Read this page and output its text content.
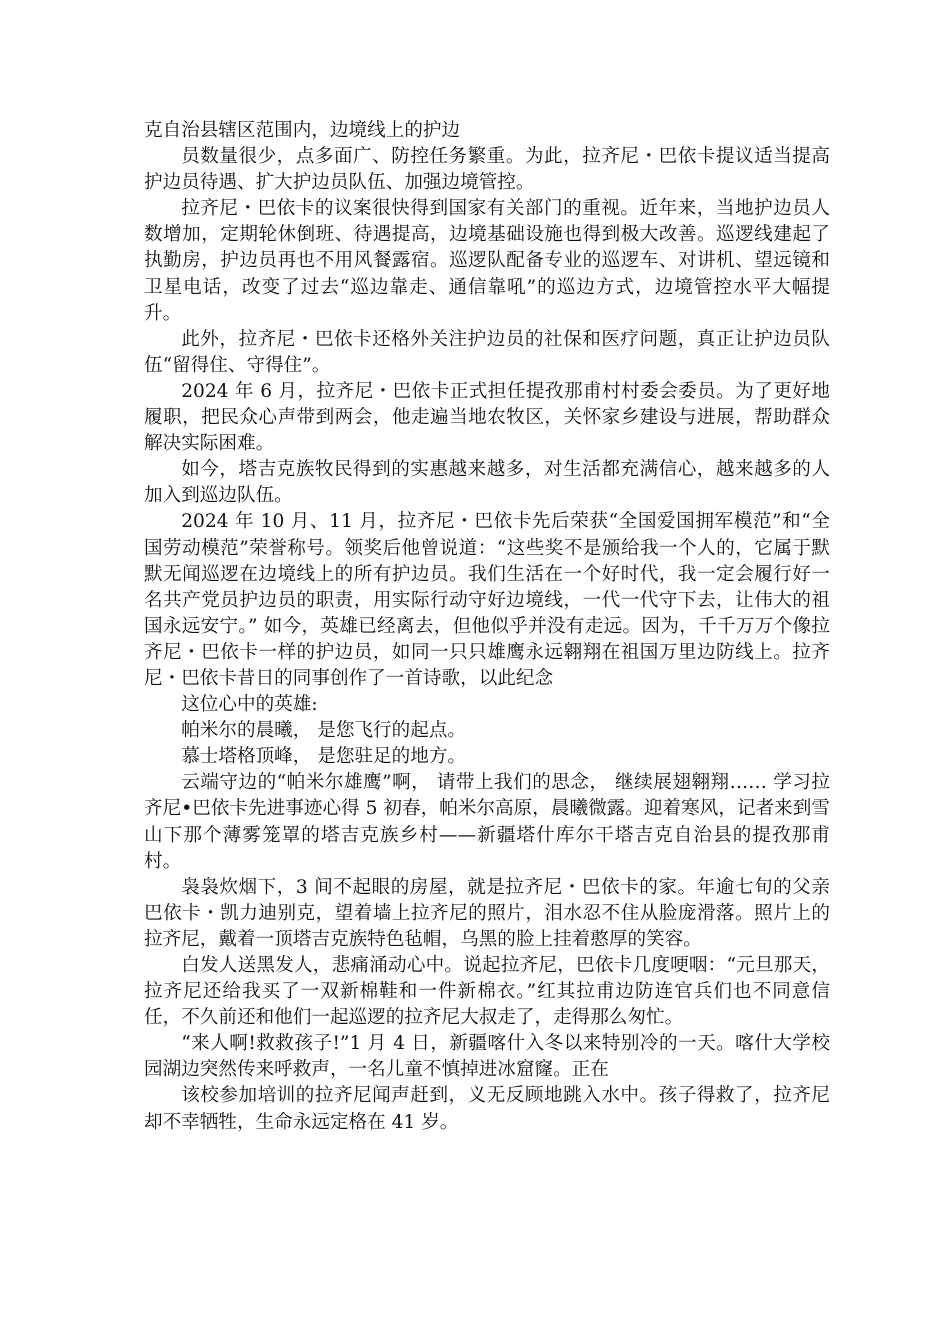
克自治县辖区范围内，边境线上的护边

员数量很少，点多面广、防控任务繁重。为此，拉齐尼・巴依卡提议适当提高护边员待遇、扩大护边员队伍、加强边境管控。

拉齐尼・巴依卡的议案很快得到国家有关部门的重视。近年来，当地护边员人数增加，定期轮休倒班、待遇提高，边境基础设施也得到极大改善。巡逻线建起了执勤房，护边员再也不用风餐露宿。巡逻队配备专业的巡逻车、对讲机、望远镜和卫星电话，改变了过去“巡边靠走、通信靠吼”的巡边方式，边境管控水平大幅提升。

此外，拉齐尼・巴依卡还格外关注护边员的社保和医疗问题，真正让护边员队伍“留得住、守得住”。

2024 年 6 月，拉齐尼・巴依卡正式担任提孜那甫村村委会委员。为了更好地履职，把民众心声带到两会，他走遍当地农牧区，关怀家乡建设与进展，帮助群众解决实际困难。

如今，塔吉克族牧民得到的实惠越来越多，对生活都充满信心，越来越多的人加入到巡边队伍。

2024 年 10 月、11 月，拉齐尼・巴依卡先后荣获“全国爱国拥军模范”和“全国劳动模范”荣誉称号。领奖后他曾说道：“这些奖不是颁给我一个人的，它属于默默无闻巡逻在边境线上的所有护边员。我们生活在一个好时代，我一定会履行好一名共产党员护边员的职责，用实际行动守好边境线，一代一代守下去，让伟大的祖国永远安宁。” 如今，英雄已经离去，但他似乎并没有走远。因为，千千万万个像拉齐尼・巴依卡一样的护边员，如同一只只雄鹰永远翱翔在祖国万里边防线上。拉齐尼・巴依卡昔日的同事创作了一首诗歌，以此纪念

这位心中的英雄:

帕米尔的晨曦， 是您飞行的起点。

慕士塔格顶峰， 是您驻足的地方。

云端守边的“帕米尔雄鹰”啊， 请带上我们的思念， 继续展翅翱翔…… 学习拉齐尼•巴依卡先进事迹心得 5 初春，帕米尔高原，晨曦微露。迎着寒风，记者来到雪山下那个薄雾笼罩的塔吉克族乡村——新疆塔什库尔干塔吉克自治县的提孜那甫村。

袅袅炊烟下，3 间不起眼的房屋，就是拉齐尼・巴依卡的家。年逾七旬的父亲巴依卡・凯力迪别克，望着墙上拉齐尼的照片，泪水忍不住从脸庞滑落。照片上的拉齐尼，戴着一顶塔吉克族特色毡帽，乌黑的脸上挂着憨厚的笑容。

白发人送黑发人，悲痛涌动心中。说起拉齐尼，巴依卡几度哽咽：“元旦那天，拉齐尼还给我买了一双新棉鞋和一件新棉衣。”红其拉甫边防连官兵们也不同意信任，不久前还和他们一起巡逻的拉齐尼大叔走了，走得那么匆忙。

“来人啊!救救孩子!”1 月 4 日，新疆喀什入冬以来特别冷的一天。喀什大学校园湖边突然传来呼救声，一名儿童不慎掉进冰窟窿。正在

该校参加培训的拉齐尼闻声赶到，义无反顾地跳入水中。孩子得救了，拉齐尼却不幸牺牲，生命永远定格在 41 岁。
